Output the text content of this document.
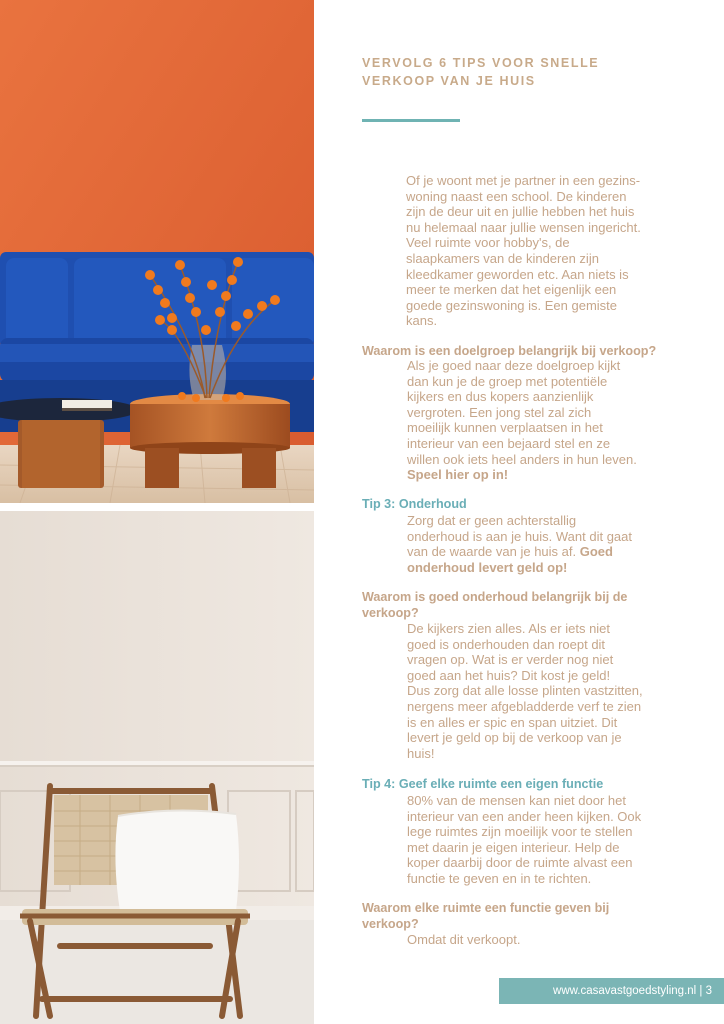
VERVOLG 6 TIPS VOOR SNELLE
VERKOOP VAN JE HUIS
Of je woont met je partner in een gezins-
woning naast een school. De kinderen
zijn de deur uit en jullie hebben het huis
nu helemaal naar jullie wensen ingericht.
Veel ruimte voor hobby's, de
slaapkamers van de kinderen zijn
kleedkamer geworden etc. Aan niets is
meer te merken dat het eigenlijk een
goede gezinswoning is. Een gemiste
kans.
Waarom is een doelgroep belangrijk bij verkoop?
Als je goed naar deze doelgroep kijkt
dan kun je de groep met potentiële
kijkers en dus kopers aanzienlijk
vergroten. Een jong stel zal zich
moeilijk kunnen verplaatsen in het
interieur van een bejaard stel en ze
willen ook iets heel anders in hun leven.
Speel hier op in!
Tip 3: Onderhoud
Zorg dat er geen achterstallig
onderhoud is aan je huis. Want dit gaat
van de waarde van je huis af. Goed
onderhoud levert geld op!
Waarom is goed onderhoud belangrijk bij de
verkoop?
De kijkers zien alles. Als er iets niet
goed is onderhouden dan roept dit
vragen op. Wat is er verder nog niet
goed aan het huis? Dit kost je geld!
Dus zorg dat alle losse plinten vastzitten,
nergens meer afgebladderde verf te zien
is en alles er spic en span uitziet. Dit
levert je geld op bij de verkoop van je
huis!
Tip 4: Geef elke ruimte een eigen functie
80% van de mensen kan niet door het
interieur van een ander heen kijken. Ook
lege ruimtes zijn moeilijk voor te stellen
met daarin je eigen interieur. Help de
koper daarbij door de ruimte alvast een
functie te geven en in te richten.
Waarom elke ruimte een functie geven bij
verkoop?
Omdat dit verkoopt.
www.casavastgoedstyling.nl | 3
